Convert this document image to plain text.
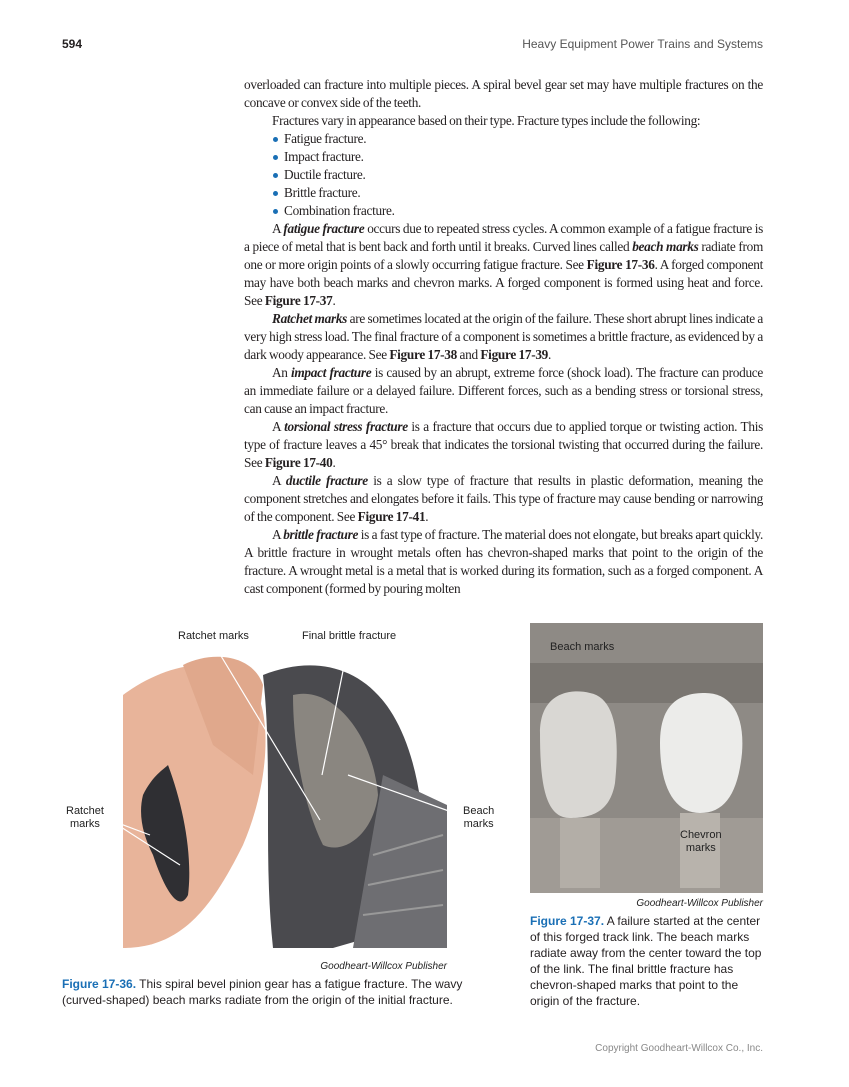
594	Heavy Equipment Power Trains and Systems

overloaded can fracture into multiple pieces. A spiral bevel gear set may have multiple fractures on the concave or convex side of the teeth.

Fractures vary in appearance based on their type. Fracture types include the following:

Fatigue fracture.
Impact fracture.
Ductile fracture.
Brittle fracture.
Combination fracture.

A fatigue fracture occurs due to repeated stress cycles. A common example of a fatigue fracture is a piece of metal that is bent back and forth until it breaks. Curved lines called beach marks radiate from one or more origin points of a slowly occurring fatigue fracture. See Figure 17-36. A forged component may have both beach marks and chevron marks. A forged component is formed using heat and force. See Figure 17-37.

Ratchet marks are sometimes located at the origin of the failure. These short abrupt lines indicate a very high stress load. The final fracture of a component is sometimes a brittle fracture, as evidenced by a dark woody appearance. See Figure 17-38 and Figure 17-39.

An impact fracture is caused by an abrupt, extreme force (shock load). The fracture can produce an immediate failure or a delayed failure. Different forces, such as a bending stress or torsional stress, can cause an impact fracture.

A torsional stress fracture is a fracture that occurs due to applied torque or twisting action. This type of fracture leaves a 45° break that indicates the torsional twisting that occurred during the failure. See Figure 17-40.

A ductile fracture is a slow type of fracture that results in plastic deformation, meaning the component stretches and elongates before it fails. This type of fracture may cause bending or narrowing of the component. See Figure 17-41.

A brittle fracture is a fast type of fracture. The material does not elongate, but breaks apart quickly. A brittle fracture in wrought metals often has chevron-shaped marks that point to the origin of the fracture. A wrought metal is a metal that is worked during its formation, such as a forged component. A cast component (formed by pouring molten

Ratchet marks	Final brittle fracture
Ratchet
marks
Beach
marks
Goodheart-Willcox Publisher
Figure 17-36. This spiral bevel pinion gear has a fatigue fracture. The wavy (curved-shaped) beach marks radiate from the origin of the initial fracture.
Beach marks
Chevron
marks
Goodheart-Willcox Publisher
Figure 17-37. A failure started at the center of this forged track link. The beach marks radiate away from the center toward the top of the link. The final brittle fracture has chevron-shaped marks that point to the origin of the fracture.
Copyright Goodheart-Willcox Co., Inc.
